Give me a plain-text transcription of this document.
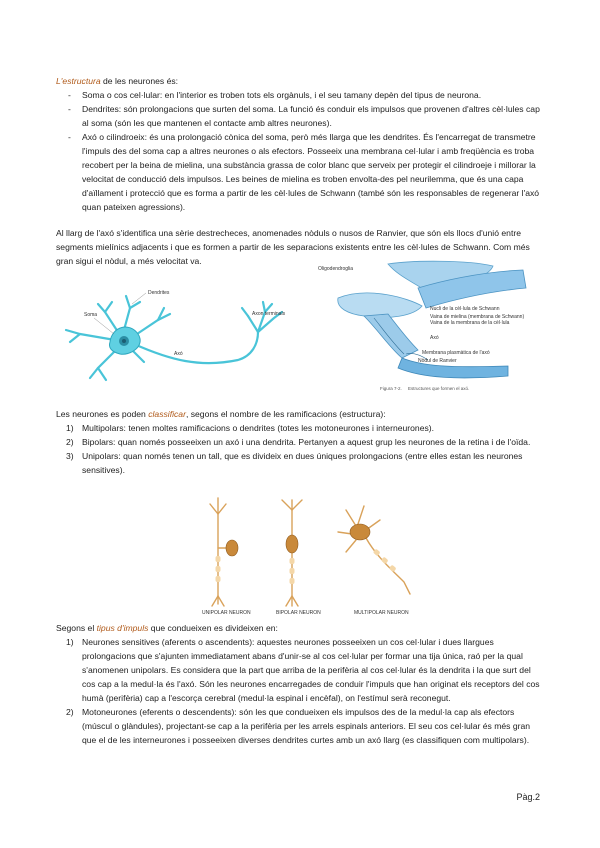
L'estructura de les neurones és:
- Soma o cos cel·lular: en l'interior es troben tots els orgànuls, i el seu tamany depèn del tipus de neurona.
- Dendrites: són prolongacions que surten del soma. La funció és conduir els impulsos que provenen d'altres cèl·lules cap al soma (són les que mantenen el contacte amb altres neurones).
- Axó o cilindroeix: és una prolongació cònica del soma, però més llarga que les dendrites. És l'encarregat de transmetre l'impuls des del soma cap a altres neurones o als efectors. Posseeix una membrana cel·lular i amb freqüència es troba recobert per la beina de mielina, una substància grassa de color blanc que serveix per protegir el cilindroeje i millorar la velocitat de conducció dels impulsos. Les beines de mielina es troben envolta-des pel neurilemma, que és una capa d'aïllament i protecció que es forma a partir de les cèl·lules de Schwann (també són les responsables de regenerar l'axó quan pateixen agressions).
Al llarg de l'axó s'identifica una sèrie destrecheces, anomenades nòduls o nusos de Ranvier, que són els llocs d'unió entre segments mielínics adjacents i que es formen a partir de les separacions existents entre les cèl·lules de Schwann. Com més gran sigui el nòdul, a més velocitat va.
Dendrites
Soma
Axó
Axon terminals
Oligodendroglia
Nucli de la cèl·lula de Schwann
Vaina de mielina (membrana de Schwann)
Vaina de la membrana de la cèl·lula
Axó
Membrana plasmàtica de l'axó
Nòdul de Ranvier
Figura 7-2. Estructures que formen el axó.
Les neurones es poden classificar, segons el nombre de les ramificacions (estructura):
1) Multipolars: tenen moltes ramificacions o dendrites (totes les motoneurones i interneurones).
2) Bipolars: quan només posseeixen un axó i una dendrita. Pertanyen a aquest grup les neurones de la retina i de l'oïda.
3) Unipolars: quan només tenen un tall, que es divideix en dues úniques prolongacions (entre elles estan les neurones sensitives).
UNIPOLAR NEURON	BIPOLAR NEURON	MULTIPOLAR NEURON
Segons el tipus d'impuls que condueixen es divideixen en:
1) Neurones sensitives (aferents o ascendents): aquestes neurones posseeixen un cos cel·lular i dues llargues prolongacions que s'ajunten immediatament abans d'unir-se al cos cel·lular per formar una tija única, raó per la qual s'anomenen unipolars. Es considera que la part que arriba de la perifèria al cos cel·lular és la dendrita i la que surt del cos cap a la medul·la és l'axó. Són les neurones encarregades de conduir l'impuls que han originat els receptors del cos humà (perifèria) cap a l'escorça cerebral (medul·la espinal i encèfal), on l'estímul serà reconegut.
2) Motoneurones (eferents o descendents): són les que condueixen els impulsos des de la medul·la cap als efectors (múscul o glàndules), projectant-se cap a la perifèria per les arrels espinals anteriors. El seu cos cel·lular és més gran que el de les interneurones i posseeixen diverses dendrites curtes amb un axó llarg (es classifiquen com multipolars).
Pàg.2
